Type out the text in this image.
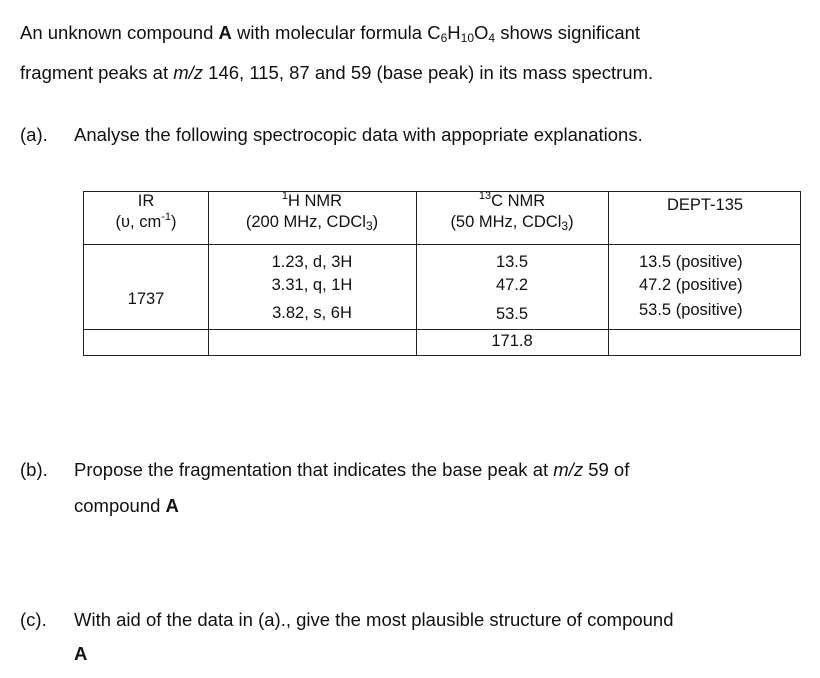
An unknown compound A with molecular formula $C_6H_{10}O_4$ shows significant
fragment peaks at m/z 146, 115, 87 and 59 (base peak) in its mass spectrum.
(a). Analyse the following spectrocopic data with appopriate explanations.
IR
(υ, $cm^{-1}$)
1737
$^1$H NMR
(200 MHz, CDCl$_3$)
1.23, d, 3H
3.31, q, 1H
3.82, s, 6H
$^{13}$C NMR
(50 MHz, CDCl$_3$)
13.5
47.2
53.5
171.8
DEPT-135
13.5 (positive)
47.2 (positive)
53.5 (positive)
(b). Propose the fragmentation that indicates the base peak at m/z 59 of
compound A
(c). With aid of the data in (a)., give the most plausible structure of compound
A
